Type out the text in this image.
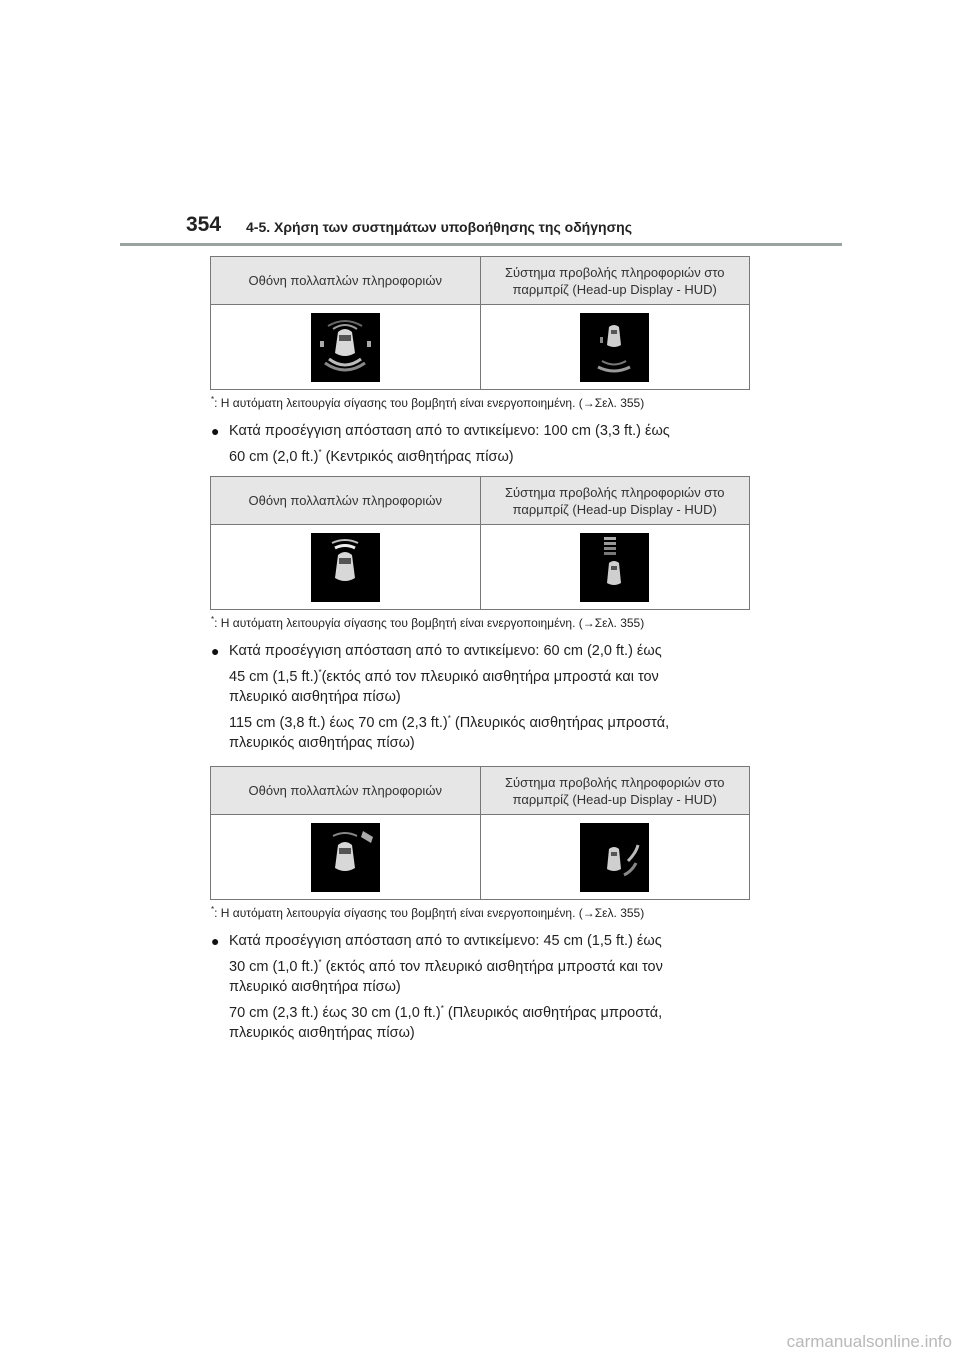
354 4-5. Χρήση των συστημάτων υποβοήθησης της οδήγησης
Οθόνη πολλαπλών πληροφοριών	Σύστημα προβολής πληροφοριών στο παρμπρίζ (Head-up Display - HUD)

*: Η αυτόματη λειτουργία σίγασης του βομβητή είναι ενεργοποιημένη. (→Σελ. 355)
● Κατά προσέγγιση απόσταση από το αντικείμενο: 100 cm (3,3 ft.) έως
60 cm (2,0 ft.)* (Κεντρικός αισθητήρας πίσω)
Οθόνη πολλαπλών πληροφοριών	Σύστημα προβολής πληροφοριών στο παρμπρίζ (Head-up Display - HUD)

*: Η αυτόματη λειτουργία σίγασης του βομβητή είναι ενεργοποιημένη. (→Σελ. 355)
● Κατά προσέγγιση απόσταση από το αντικείμενο: 60 cm (2,0 ft.) έως
45 cm (1,5 ft.)*(εκτός από τον πλευρικό αισθητήρα μπροστά και τον
πλευρικό αισθητήρα πίσω)
115 cm (3,8 ft.) έως 70 cm (2,3 ft.)* (Πλευρικός αισθητήρας μπροστά,
πλευρικός αισθητήρας πίσω)
Οθόνη πολλαπλών πληροφοριών	Σύστημα προβολής πληροφοριών στο παρμπρίζ (Head-up Display - HUD)

*: Η αυτόματη λειτουργία σίγασης του βομβητή είναι ενεργοποιημένη. (→Σελ. 355)
● Κατά προσέγγιση απόσταση από το αντικείμενο: 45 cm (1,5 ft.) έως
30 cm (1,0 ft.)* (εκτός από τον πλευρικό αισθητήρα μπροστά και τον
πλευρικό αισθητήρα πίσω)
70 cm (2,3 ft.) έως 30 cm (1,0 ft.)* (Πλευρικός αισθητήρας μπροστά,
πλευρικός αισθητήρας πίσω)
carmanualsonline.info
